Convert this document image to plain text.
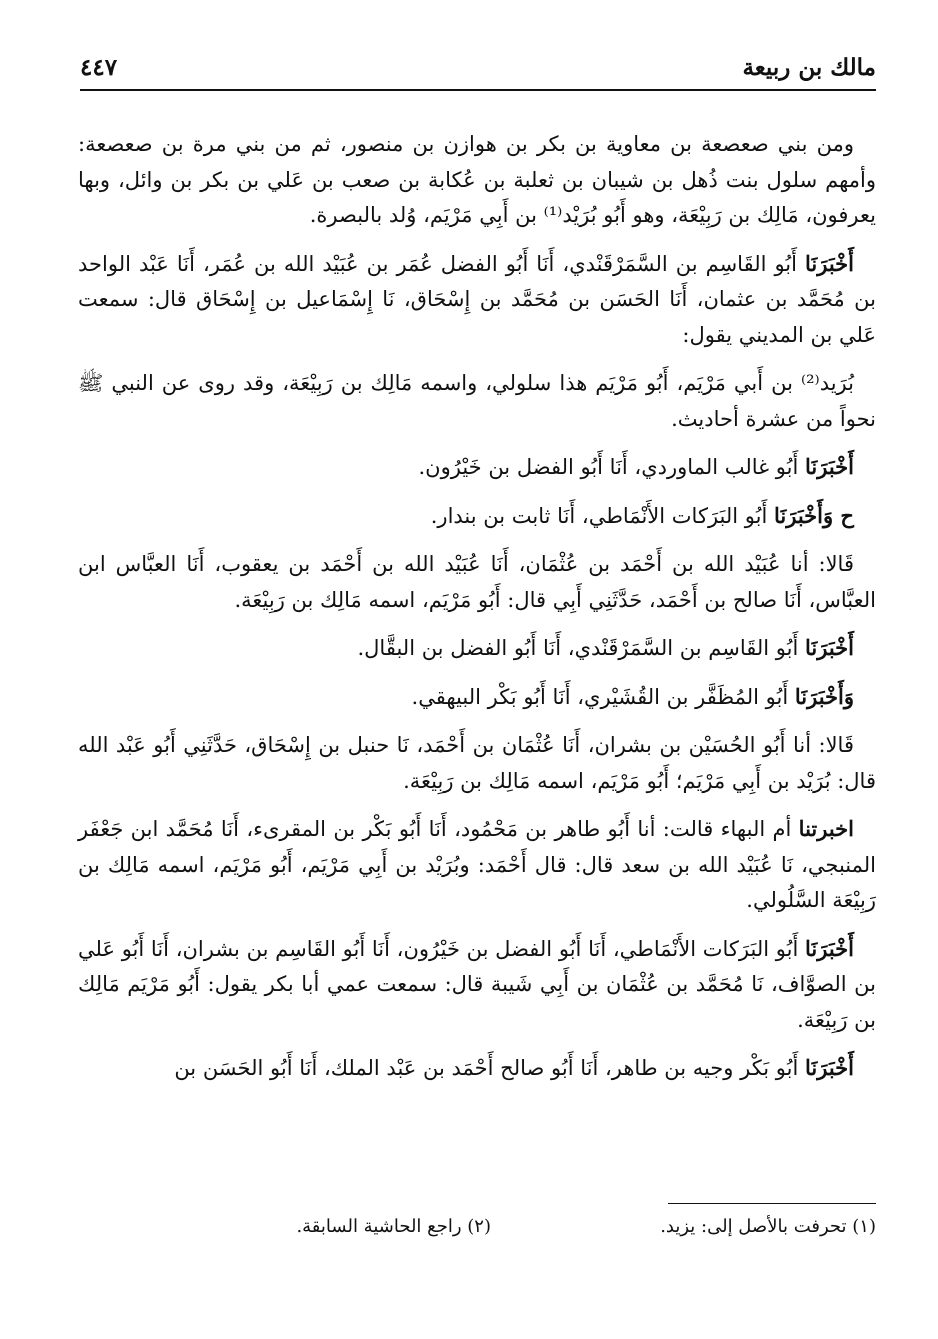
مالك بن ربيعة
٤٤٧

ومن بني صعصعة بن معاوية بن بكر بن هوازن بن منصور، ثم من بني مرة بن صعصعة: وأمهم سلول بنت ذُهل بن شيبان بن ثعلبة بن عُكابة بن صعب بن عَلي بن بكر بن وائل، وبها يعرفون، مَالِك بن رَبِيْعَة، وهو أَبُو بُرَيْد⁽¹⁾ بن أَبِي مَرْيَم، وُلد بالبصرة.

أَخْبَرَنَا أَبُو القَاسِم بن السَّمَرْقَنْدي، أَنَا أَبُو الفضل عُمَر بن عُبَيْد الله بن عُمَر، أَنَا عَبْد الواحد بن مُحَمَّد بن عثمان، أَنَا الحَسَن بن مُحَمَّد بن إِسْحَاق، نَا إِسْمَاعيل بن إِسْحَاق قال: سمعت عَلي بن المديني يقول:

بُرَيد⁽²⁾ بن أَبي مَرْيَم، أَبُو مَرْيَم هذا سلولي، واسمه مَالِك بن رَبِيْعَة، وقد روى عن النبي ﷺ نحواً من عشرة أحاديث.

أَخْبَرَنَا أَبُو غالب الماوردي، أَنَا أَبُو الفضل بن خَيْرُون.

ح وَأَخْبَرَنَا أَبُو البَرَكات الأَنْمَاطي، أَنَا ثابت بن بندار.

قَالا: أنا عُبَيْد الله بن أَحْمَد بن عُثْمَان، أَنَا عُبَيْد الله بن أَحْمَد بن يعقوب، أَنَا العبَّاس ابن العبَّاس، أَنَا صالح بن أَحْمَد، حَدَّثَنِي أَبِي قال: أَبُو مَرْيَم، اسمه مَالِك بن رَبِيْعَة.

أَخْبَرَنَا أَبُو القَاسِم بن السَّمَرْقَنْدي، أَنَا أَبُو الفضل بن البقَّال.

وَأَخْبَرَنَا أَبُو المُظَفَّر بن القُشَيْري، أَنَا أَبُو بَكْر البيهقي.

قَالا: أنا أَبُو الحُسَيْن بن بشران، أَنَا عُثْمَان بن أَحْمَد، نَا حنبل بن إِسْحَاق، حَدَّثَنِي أَبُو عَبْد الله قال: بُرَيْد بن أَبِي مَرْيَم؛ أَبُو مَرْيَم، اسمه مَالِك بن رَبِيْعَة.

اخبرتنا أم البهاء قالت: أنا أَبُو طاهر بن مَحْمُود، أَنَا أَبُو بَكْر بن المقرىء، أَنَا مُحَمَّد ابن جَعْفَر المنبجي، نَا عُبَيْد الله بن سعد قال: قال أَحْمَد: وبُرَيْد بن أَبِي مَرْيَم، أَبُو مَرْيَم، اسمه مَالِك بن رَبِيْعَة السَّلُولي.

أَخْبَرَنَا أَبُو البَرَكات الأَنْمَاطي، أَنَا أَبُو الفضل بن خَيْرُون، أَنَا أَبُو القَاسِم بن بشران، أَنَا أَبُو عَلي بن الصوَّاف، نَا مُحَمَّد بن عُثْمَان بن أَبِي شَيبة قال: سمعت عمي أبا بكر يقول: أَبُو مَرْيَم مَالِك بن رَبِيْعَة.

أَخْبَرَنَا أَبُو بَكْر وجيه بن طاهر، أَنَا أَبُو صالح أَحْمَد بن عَبْد الملك، أَنَا أَبُو الحَسَن بن

(١) تحرفت بالأصل إلى: يزيد.
(٢) راجع الحاشية السابقة.
